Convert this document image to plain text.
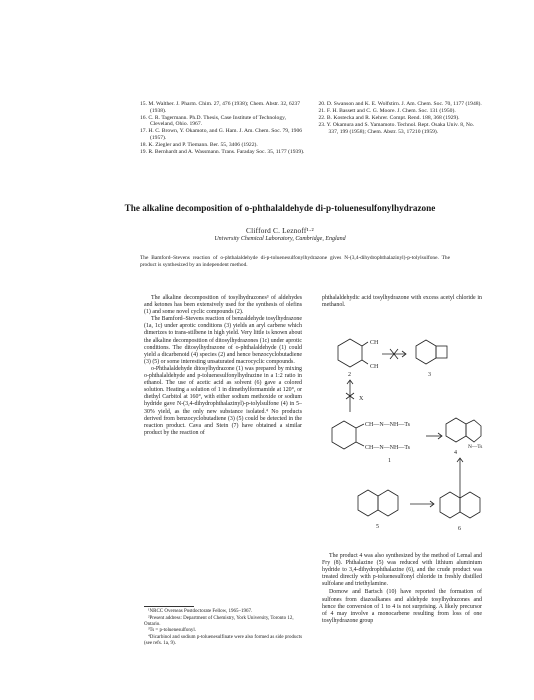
15. M. Walther. J. Pharm. Chim. 27, 476 (1938); Chem. Abstr. 32, 6237 (1938).
16. C. R. Tagermann. Ph.D. Thesis, Case Institute of Technology, Cleveland, Ohio. 1967.
17. H. C. Brown, Y. Okamoto, and G. Ham. J. Am. Chem. Soc. 79, 1906 (1957).
18. K. Ziegler and P. Tiemann. Ber. 55, 3406 (1922).
19. R. Bernhardt and A. Wassmann. Trans. Faraday Soc. 35, 1177 (1939).
20. D. Swanson and K. E. Wolfstirn. J. Am. Chem. Soc. 70, 1177 (1948).
21. F. H. Bassett and C. G. Moore. J. Chem. Soc. 131 (1950).
22. B. Kostecka and R. Kehrer. Compt. Rend. 188, 368 (1929).
23. Y. Okamura and S. Yamamoto. Technol. Rept. Osaka Univ. 8, No. 337, 199 (1958); Chem. Abstr. 53, 17210 (1959).
The alkaline decomposition of o-phthalaldehyde di-p-toluenesulfonylhydrazone
Clifford C. Leznoff¹·²
University Chemical Laboratory, Cambridge, England
The Bamford–Stevens reaction of o-phthalaldehyde di-p-toluenesulfonylhydrazone gives N-(3,4-dihydrophthalazinyl)-p-tolylsulfone. The product is synthesized by an independent method.

The alkaline decomposition of tosylhydrazones³ of aldehydes and ketones has been extensively used for the synthesis of olefins (1) and some novel cyclic compounds (2).

The Bamford–Stevens reaction of benzaldehyde tosylhydrazone (1a, 1c) under aprotic conditions (3) yields an aryl carbene which dimerizes to trans-stilbene in high yield. Very little is known about the alkaline decomposition of ditosylhydrazones (1c) under aprotic conditions. The ditosylhydrazone of o-phthalaldehyde (1) could yield a dicarbenoid (4) species (2) and hence benzocyclobutadiene (3) (5) or some interesting unsaturated macrocyclic compounds.

o-Phthalaldehyde ditosylhydrazone (1) was prepared by mixing o-phthalaldehyde and p-toluenesulfonylhydrazine in a 1:2 ratio in ethanol. The use of acetic acid as solvent (6) gave a colored solution. Heating a solution of 1 in dimethylformamide at 120°, or diethyl Carbitol at 160°, with either sodium methoxide or sodium hydride gave N-(3,4-dihydrophthalazinyl)-p-tolylsulfone (4) in 5–30% yield, as the only new substance isolated.⁴ No products derived from benzocyclobutadiene (3) (5) could be detected in the reaction product. Cava and Stein (7) have obtained a similar product by the reaction of

phthalaldehydic acid tosylhydrazone with excess acetyl chloride in methanol.

CH
CH
2	3
X
CH—N—NH—Ts
CH—N—NH—Ts
1
N—Ts
4
5	6

The product 4 was also synthesized by the method of Lemal and Fry (8). Phthalazine (5) was reduced with lithium aluminium hydride to 3,4-dihydrophthalazine (6), and the crude product was treated directly with p-toluenesulfonyl chloride in freshly distilled sulfolane and triethylamine.

Dornow and Bartsch (10) have reported the formation of sulfones from diazoalkanes and aldehyde tosylhydrazones and hence the conversion of 1 to 4 is not surprising. A likely precursor of 4 may involve a monocarbene resulting from loss of one tosylhydrazone group

¹NRCC Overseas Postdoctorate Fellow, 1965–1967.

²Present address: Department of Chemistry, York University, Toronto 12, Ontario.

³Ts = p-toluenesulfonyl.

⁴Dicarbinol and sodium p-toluenesulfinate were also formed as side products (see refs. 1a, 9).
